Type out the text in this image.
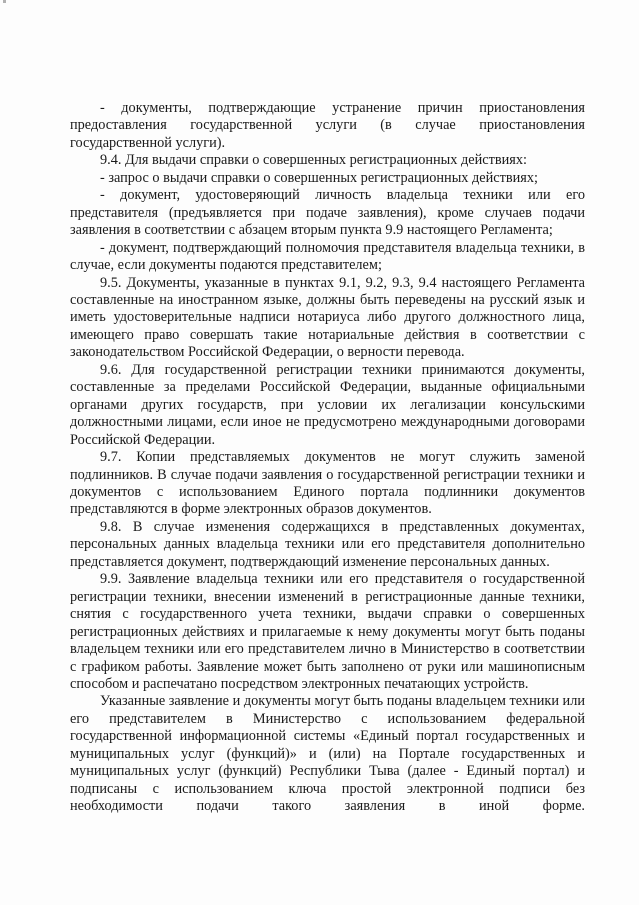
- документы, подтверждающие устранение причин приостановления предоставления государственной услуги (в случае приостановления государственной услуги).

9.4. Для выдачи справки о совершенных регистрационных действиях:

- запрос о выдачи справки о совершенных регистрационных действиях;

- документ, удостоверяющий личность владельца техники или его представителя (предъявляется при подаче заявления), кроме случаев подачи заявления в соответствии с абзацем вторым пункта 9.9 настоящего Регламента;

- документ, подтверждающий полномочия представителя владельца техники, в случае, если документы подаются представителем;

9.5. Документы, указанные в пунктах 9.1, 9.2, 9.3, 9.4 настоящего Регламента составленные на иностранном языке, должны быть переведены на русский язык и иметь удостоверительные надписи нотариуса либо другого должностного лица, имеющего право совершать такие нотариальные действия в соответствии с законодательством Российской Федерации, о верности перевода.

9.6. Для государственной регистрации техники принимаются документы, составленные за пределами Российской Федерации, выданные официальными органами других государств, при условии их легализации консульскими должностными лицами, если иное не предусмотрено международными договорами Российской Федерации.

9.7. Копии представляемых документов не могут служить заменой подлинников. В случае подачи заявления о государственной регистрации техники и документов с использованием Единого портала подлинники документов представляются в форме электронных образов документов.

9.8. В случае изменения содержащихся в представленных документах, персональных данных владельца техники или его представителя дополнительно представляется документ, подтверждающий изменение персональных данных.

9.9. Заявление владельца техники или его представителя о государственной регистрации техники, внесении изменений в регистрационные данные техники, снятия с государственного учета техники, выдачи справки о совершенных регистрационных действиях и прилагаемые к нему документы могут быть поданы владельцем техники или его представителем лично в Министерство в соответствии с графиком работы. Заявление может быть заполнено от руки или машинописным способом и распечатано посредством электронных печатающих устройств.

Указанные заявление и документы могут быть поданы владельцем техники или его представителем в Министерство с использованием федеральной государственной информационной системы «Единый портал государственных и муниципальных услуг (функций)» и (или) на Портале государственных и муниципальных услуг (функций) Республики Тыва (далее - Единый портал) и подписаны с использованием ключа простой электронной подписи без необходимости подачи такого заявления в иной форме.
